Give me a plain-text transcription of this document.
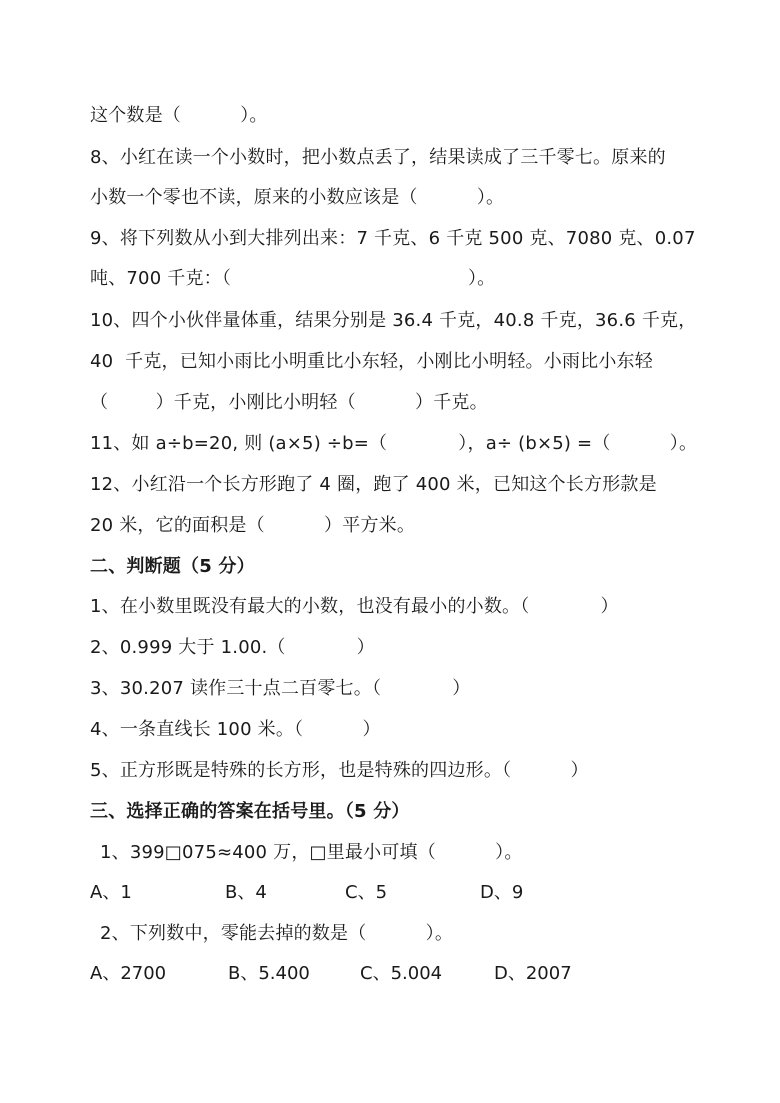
这个数是（          ）。
8、小红在读一个小数时，把小数点丢了，结果读成了三千零七。原来的
小数一个零也不读，原来的小数应该是（          ）。
9、将下列数从小到大排列出来：7 千克、6 千克 500 克、7080 克、0.07
吨、700 千克：（                                        ）。
10、四个小伙伴量体重，结果分别是 36.4 千克，40.8 千克，36.6 千克，
40  千克，已知小雨比小明重比小东轻，小刚比小明轻。小雨比小东轻
（        ）千克，小刚比小明轻（          ）千克。
11、如 a÷b=20, 则 (a×5) ÷b=（            ），a÷ (b×5) =（          ）。
12、小红沿一个长方形跑了 4 圈，跑了 400 米，已知这个长方形款是
20 米，它的面积是（          ）平方米。
二、判断题（5 分）
1、在小数里既没有最大的小数，也没有最小的小数。（            ）
2、0.999 大于 1.00.（            ）
3、30.207 读作三十点二百零七。（            ）
4、一条直线长 100 米。（          ）
5、正方形既是特殊的长方形，也是特殊的四边形。（          ）
三、选择正确的答案在括号里。（5 分）
1、399□075≈400 万，□里最小可填（          ）。
A、1	B、4	C、5	D、9
2、下列数中，零能去掉的数是（          ）。
A、2700	B、5.400	C、5.004	D、2007
